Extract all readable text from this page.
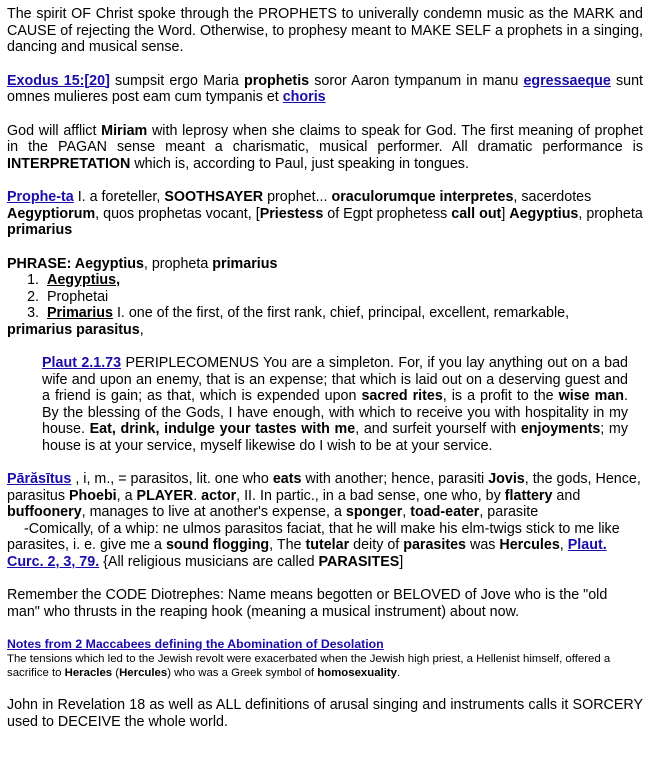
The spirit OF Christ spoke through the PROPHETS to univerally condemn music as the MARK and CAUSE of rejecting the Word. Otherwise, to prophesy meant to MAKE SELF a prophets in a singing, dancing and musical sense.

Exodus 15:[20] sumpsit ergo Maria prophetis soror Aaron tympanum in manu egressaeque sunt omnes mulieres post eam cum tympanis et choris

God will afflict Miriam with leprosy when she claims to speak for God. The first meaning of prophet in the PAGAN sense meant a charismatic, musical performer. All dramatic performance is INTERPRETATION which is, according to Paul, just speaking in tongues.

Prophe-ta I. a foreteller, SOOTHSAYER prophet... oraculorumque interpretes, sacerdotes Aegyptiorum, quos prophetas vocant, [Priestess of Egpt prophetess call out] Aegyptius, propheta primarius

PHRASE: Aegyptius, propheta primarius
1. Aegyptius,
2. Prophetai
3. Primarius I. one of the first, of the first rank, chief, principal, excellent, remarkable,
primarius parasitus,
Plaut 2.1.73 PERIPLECOMENUS You are a simpleton. For, if you lay anything out on a bad wife and upon an enemy, that is an expense; that which is laid out on a deserving guest and a friend is gain; as that, which is expended upon sacred rites, is a profit to the wise man. By the blessing of the Gods, I have enough, with which to receive you with hospitality in my house. Eat, drink, indulge your tastes with me, and surfeit yourself with enjoyments; my house is at your service, myself likewise do I wish to be at your service.

Pārăsītus , i, m., = parasitos, lit. one who eats with another; hence, parasiti Jovis, the gods, Hence, parasitus Phoebi, a PLAYER. actor, II. In partic., in a bad sense, one who, by flattery and buffoonery, manages to live at another's expense, a sponger, toad-eater, parasite
-Comically, of a whip: ne ulmos parasitos faciat, that he will make his elm-twigs stick to me like parasites, i. e. give me a sound flogging, The tutelar deity of parasites was Hercules, Plaut. Curc. 2, 3, 79. {All religious musicians are called PARASITES]

Remember the CODE Diotrephes: Name means begotten or BELOVED of Jove who is the "old man" who thrusts in the reaping hook (meaning a musical instrument) about now.

Notes from 2 Maccabees defining the Abomination of Desolation
The tensions which led to the Jewish revolt were exacerbated when the Jewish high priest, a Hellenist himself, offered a sacrifice to Heracles (Hercules) who was a Greek symbol of homosexuality.

John in Revelation 18 as well as ALL definitions of arusal singing and instruments calls it SORCERY used to DECEIVE the whole world.
